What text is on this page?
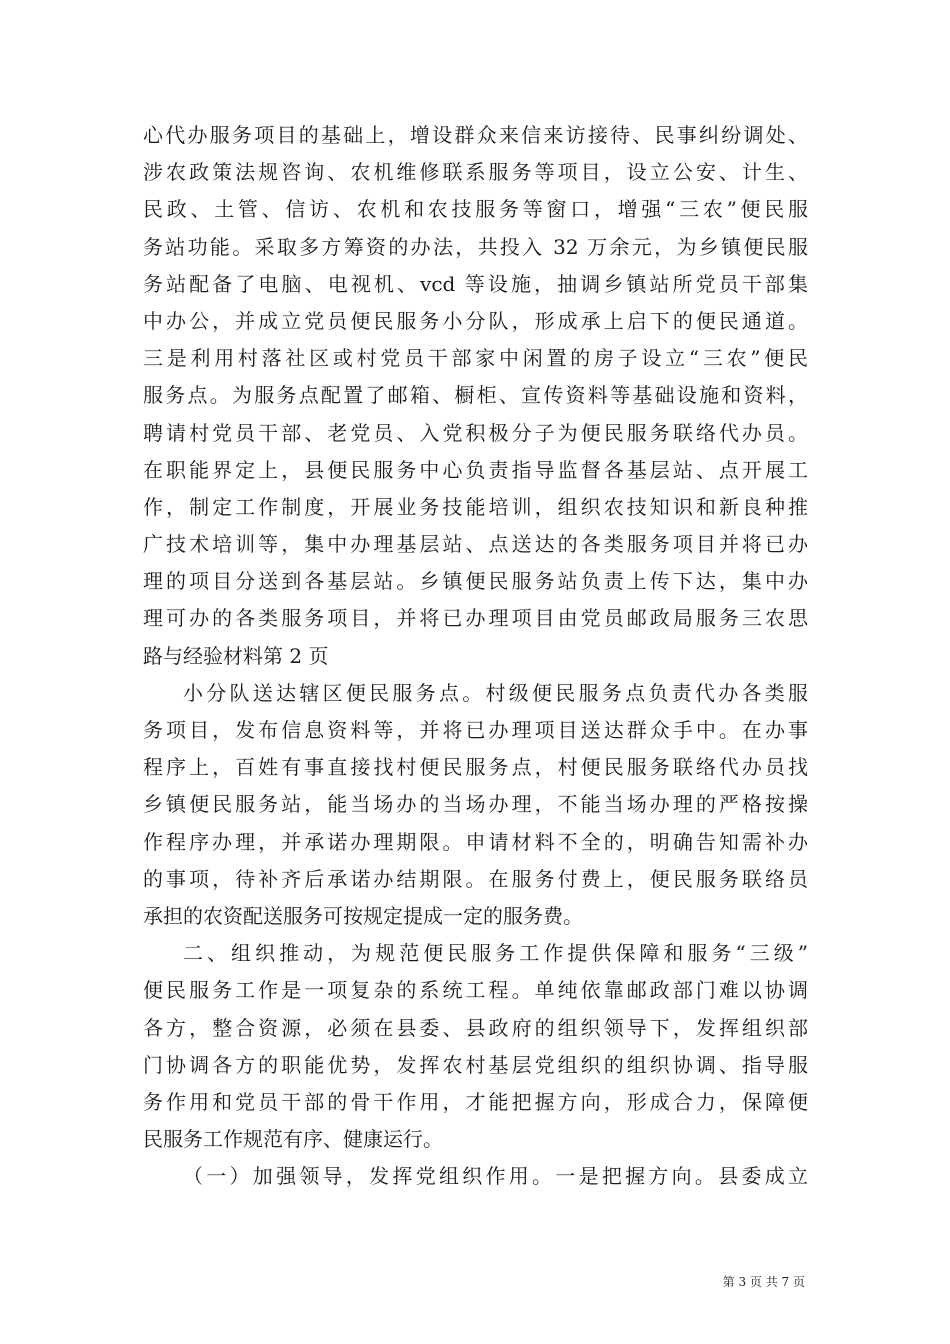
心代办服务项目的基础上，增设群众来信来访接待、民事纠纷调处、
涉农政策法规咨询、农机维修联系服务等项目，设立公安、计生、
民政、土管、信访、农机和农技服务等窗口，增强“三农”便民服
务站功能。采取多方筹资的办法，共投入 32 万余元，为乡镇便民服
务站配备了电脑、电视机、vcd 等设施，抽调乡镇站所党员干部集
中办公，并成立党员便民服务小分队，形成承上启下的便民通道。
三是利用村落社区或村党员干部家中闲置的房子设立“三农”便民
服务点。为服务点配置了邮箱、橱柜、宣传资料等基础设施和资料，
聘请村党员干部、老党员、入党积极分子为便民服务联络代办员。
在职能界定上，县便民服务中心负责指导监督各基层站、点开展工
作，制定工作制度，开展业务技能培训，组织农技知识和新良种推
广技术培训等，集中办理基层站、点送达的各类服务项目并将已办
理的项目分送到各基层站。乡镇便民服务站负责上传下达，集中办
理可办的各类服务项目，并将已办理项目由党员邮政局服务三农思
路与经验材料第 2 页
小分队送达辖区便民服务点。村级便民服务点负责代办各类服
务项目，发布信息资料等，并将已办理项目送达群众手中。在办事
程序上，百姓有事直接找村便民服务点，村便民服务联络代办员找
乡镇便民服务站，能当场办的当场办理，不能当场办理的严格按操
作程序办理，并承诺办理期限。申请材料不全的，明确告知需补办
的事项，待补齐后承诺办结期限。在服务付费上，便民服务联络员
承担的农资配送服务可按规定提成一定的服务费。
二、组织推动，为规范便民服务工作提供保障和服务“三级”
便民服务工作是一项复杂的系统工程。单纯依靠邮政部门难以协调
各方，整合资源，必须在县委、县政府的组织领导下，发挥组织部
门协调各方的职能优势，发挥农村基层党组织的组织协调、指导服
务作用和党员干部的骨干作用，才能把握方向，形成合力，保障便
民服务工作规范有序、健康运行。
（一）加强领导，发挥党组织作用。一是把握方向。县委成立
第 3 页 共 7 页
